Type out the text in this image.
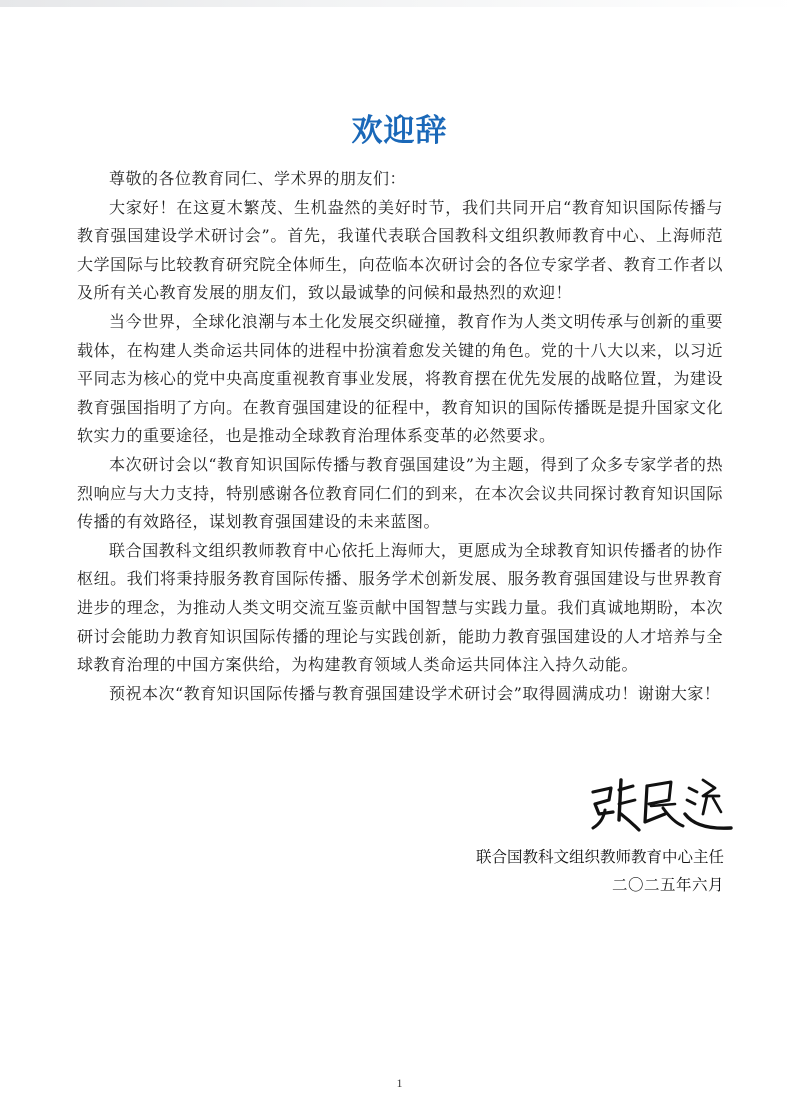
欢迎辞

尊敬的各位教育同仁、学术界的朋友们：

大家好！在这夏木繁茂、生机盎然的美好时节，我们共同开启“教育知识国际传播与教育强国建设学术研讨会”。首先，我谨代表联合国教科文组织教师教育中心、上海师范大学国际与比较教育研究院全体师生，向莅临本次研讨会的各位专家学者、教育工作者以及所有关心教育发展的朋友们，致以最诚挚的问候和最热烈的欢迎！

当今世界，全球化浪潮与本土化发展交织碰撞，教育作为人类文明传承与创新的重要载体，在构建人类命运共同体的进程中扮演着愈发关键的角色。党的十八大以来，以习近平同志为核心的党中央高度重视教育事业发展，将教育摆在优先发展的战略位置，为建设教育强国指明了方向。在教育强国建设的征程中，教育知识的国际传播既是提升国家文化软实力的重要途径，也是推动全球教育治理体系变革的必然要求。

本次研讨会以“教育知识国际传播与教育强国建设”为主题，得到了众多专家学者的热烈响应与大力支持，特别感谢各位教育同仁们的到来，在本次会议共同探讨教育知识国际传播的有效路径，谋划教育强国建设的未来蓝图。

联合国教科文组织教师教育中心依托上海师大，更愿成为全球教育知识传播者的协作枢纽。我们将秉持服务教育国际传播、服务学术创新发展、服务教育强国建设与世界教育进步的理念，为推动人类文明交流互鉴贡献中国智慧与实践力量。我们真诚地期盼，本次研讨会能助力教育知识国际传播的理论与实践创新，能助力教育强国建设的人才培养与全球教育治理的中国方案供给，为构建教育领域人类命运共同体注入持久动能。

预祝本次“教育知识国际传播与教育强国建设学术研讨会”取得圆满成功！谢谢大家！

联合国教科文组织教师教育中心主任
二〇二五年六月
1
